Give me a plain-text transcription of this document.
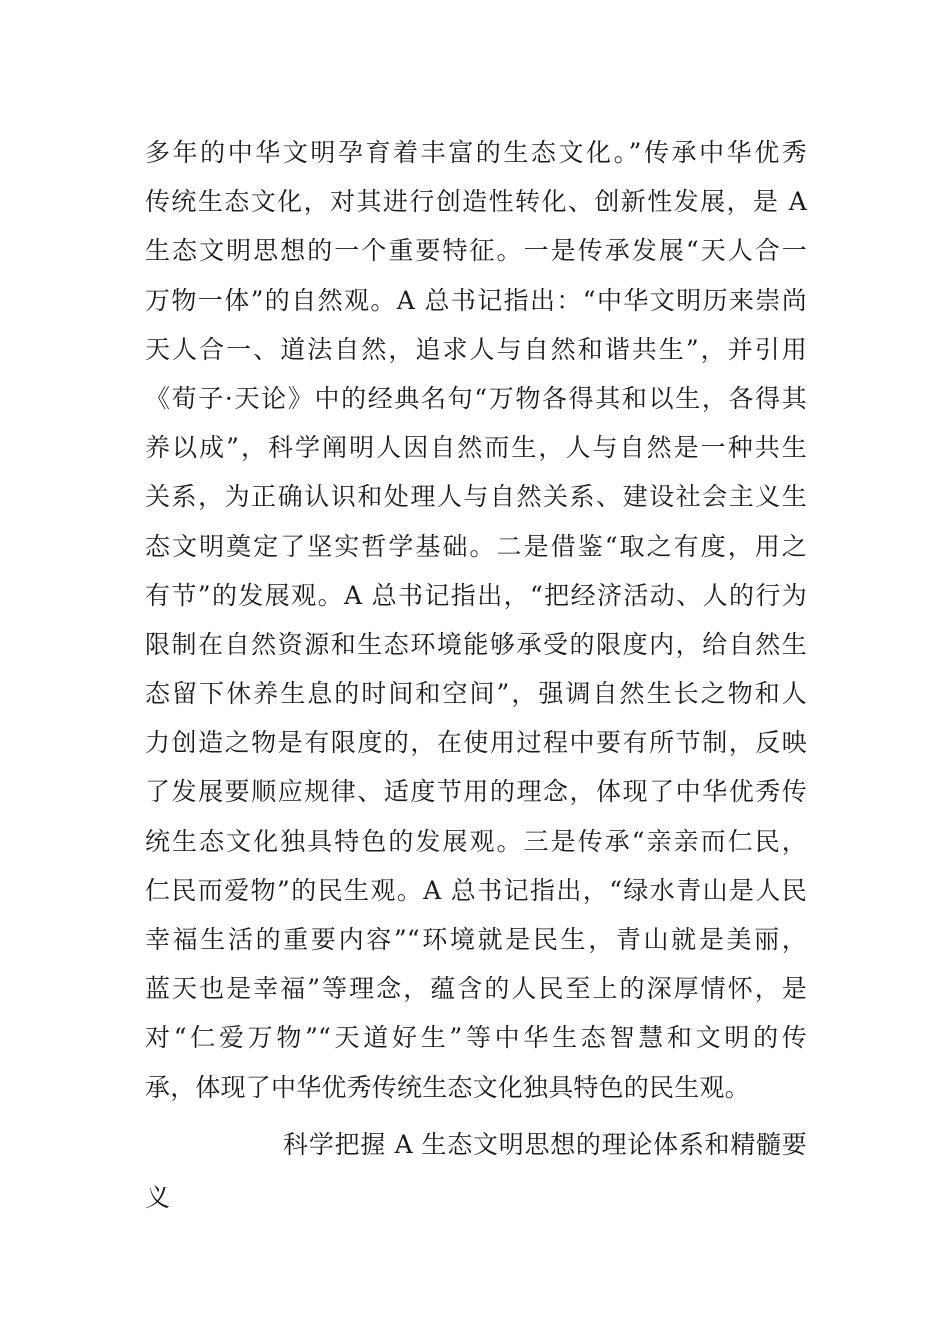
多年的中华文明孕育着丰富的生态文化。”传承中华优秀
传统生态文化，对其进行创造性转化、创新性发展，是 A
生态文明思想的一个重要特征。一是传承发展“天人合一
万物一体”的自然观。A 总书记指出：“中华文明历来崇尚
天人合一、道法自然，追求人与自然和谐共生”，并引用
《荀子·天论》中的经典名句“万物各得其和以生，各得其
养以成”，科学阐明人因自然而生，人与自然是一种共生
关系，为正确认识和处理人与自然关系、建设社会主义生
态文明奠定了坚实哲学基础。二是借鉴“取之有度，用之
有节”的发展观。A 总书记指出，“把经济活动、人的行为
限制在自然资源和生态环境能够承受的限度内，给自然生
态留下休养生息的时间和空间”，强调自然生长之物和人
力创造之物是有限度的，在使用过程中要有所节制，反映
了发展要顺应规律、适度节用的理念，体现了中华优秀传
统生态文化独具特色的发展观。三是传承“亲亲而仁民，
仁民而爱物”的民生观。A 总书记指出，“绿水青山是人民
幸福生活的重要内容”“环境就是民生，青山就是美丽，
蓝天也是幸福”等理念，蕴含的人民至上的深厚情怀，是
对“仁爱万物”“天道好生”等中华生态智慧和文明的传
承，体现了中华优秀传统生态文化独具特色的民生观。
科学把握 A 生态文明思想的理论体系和精髓要
义
